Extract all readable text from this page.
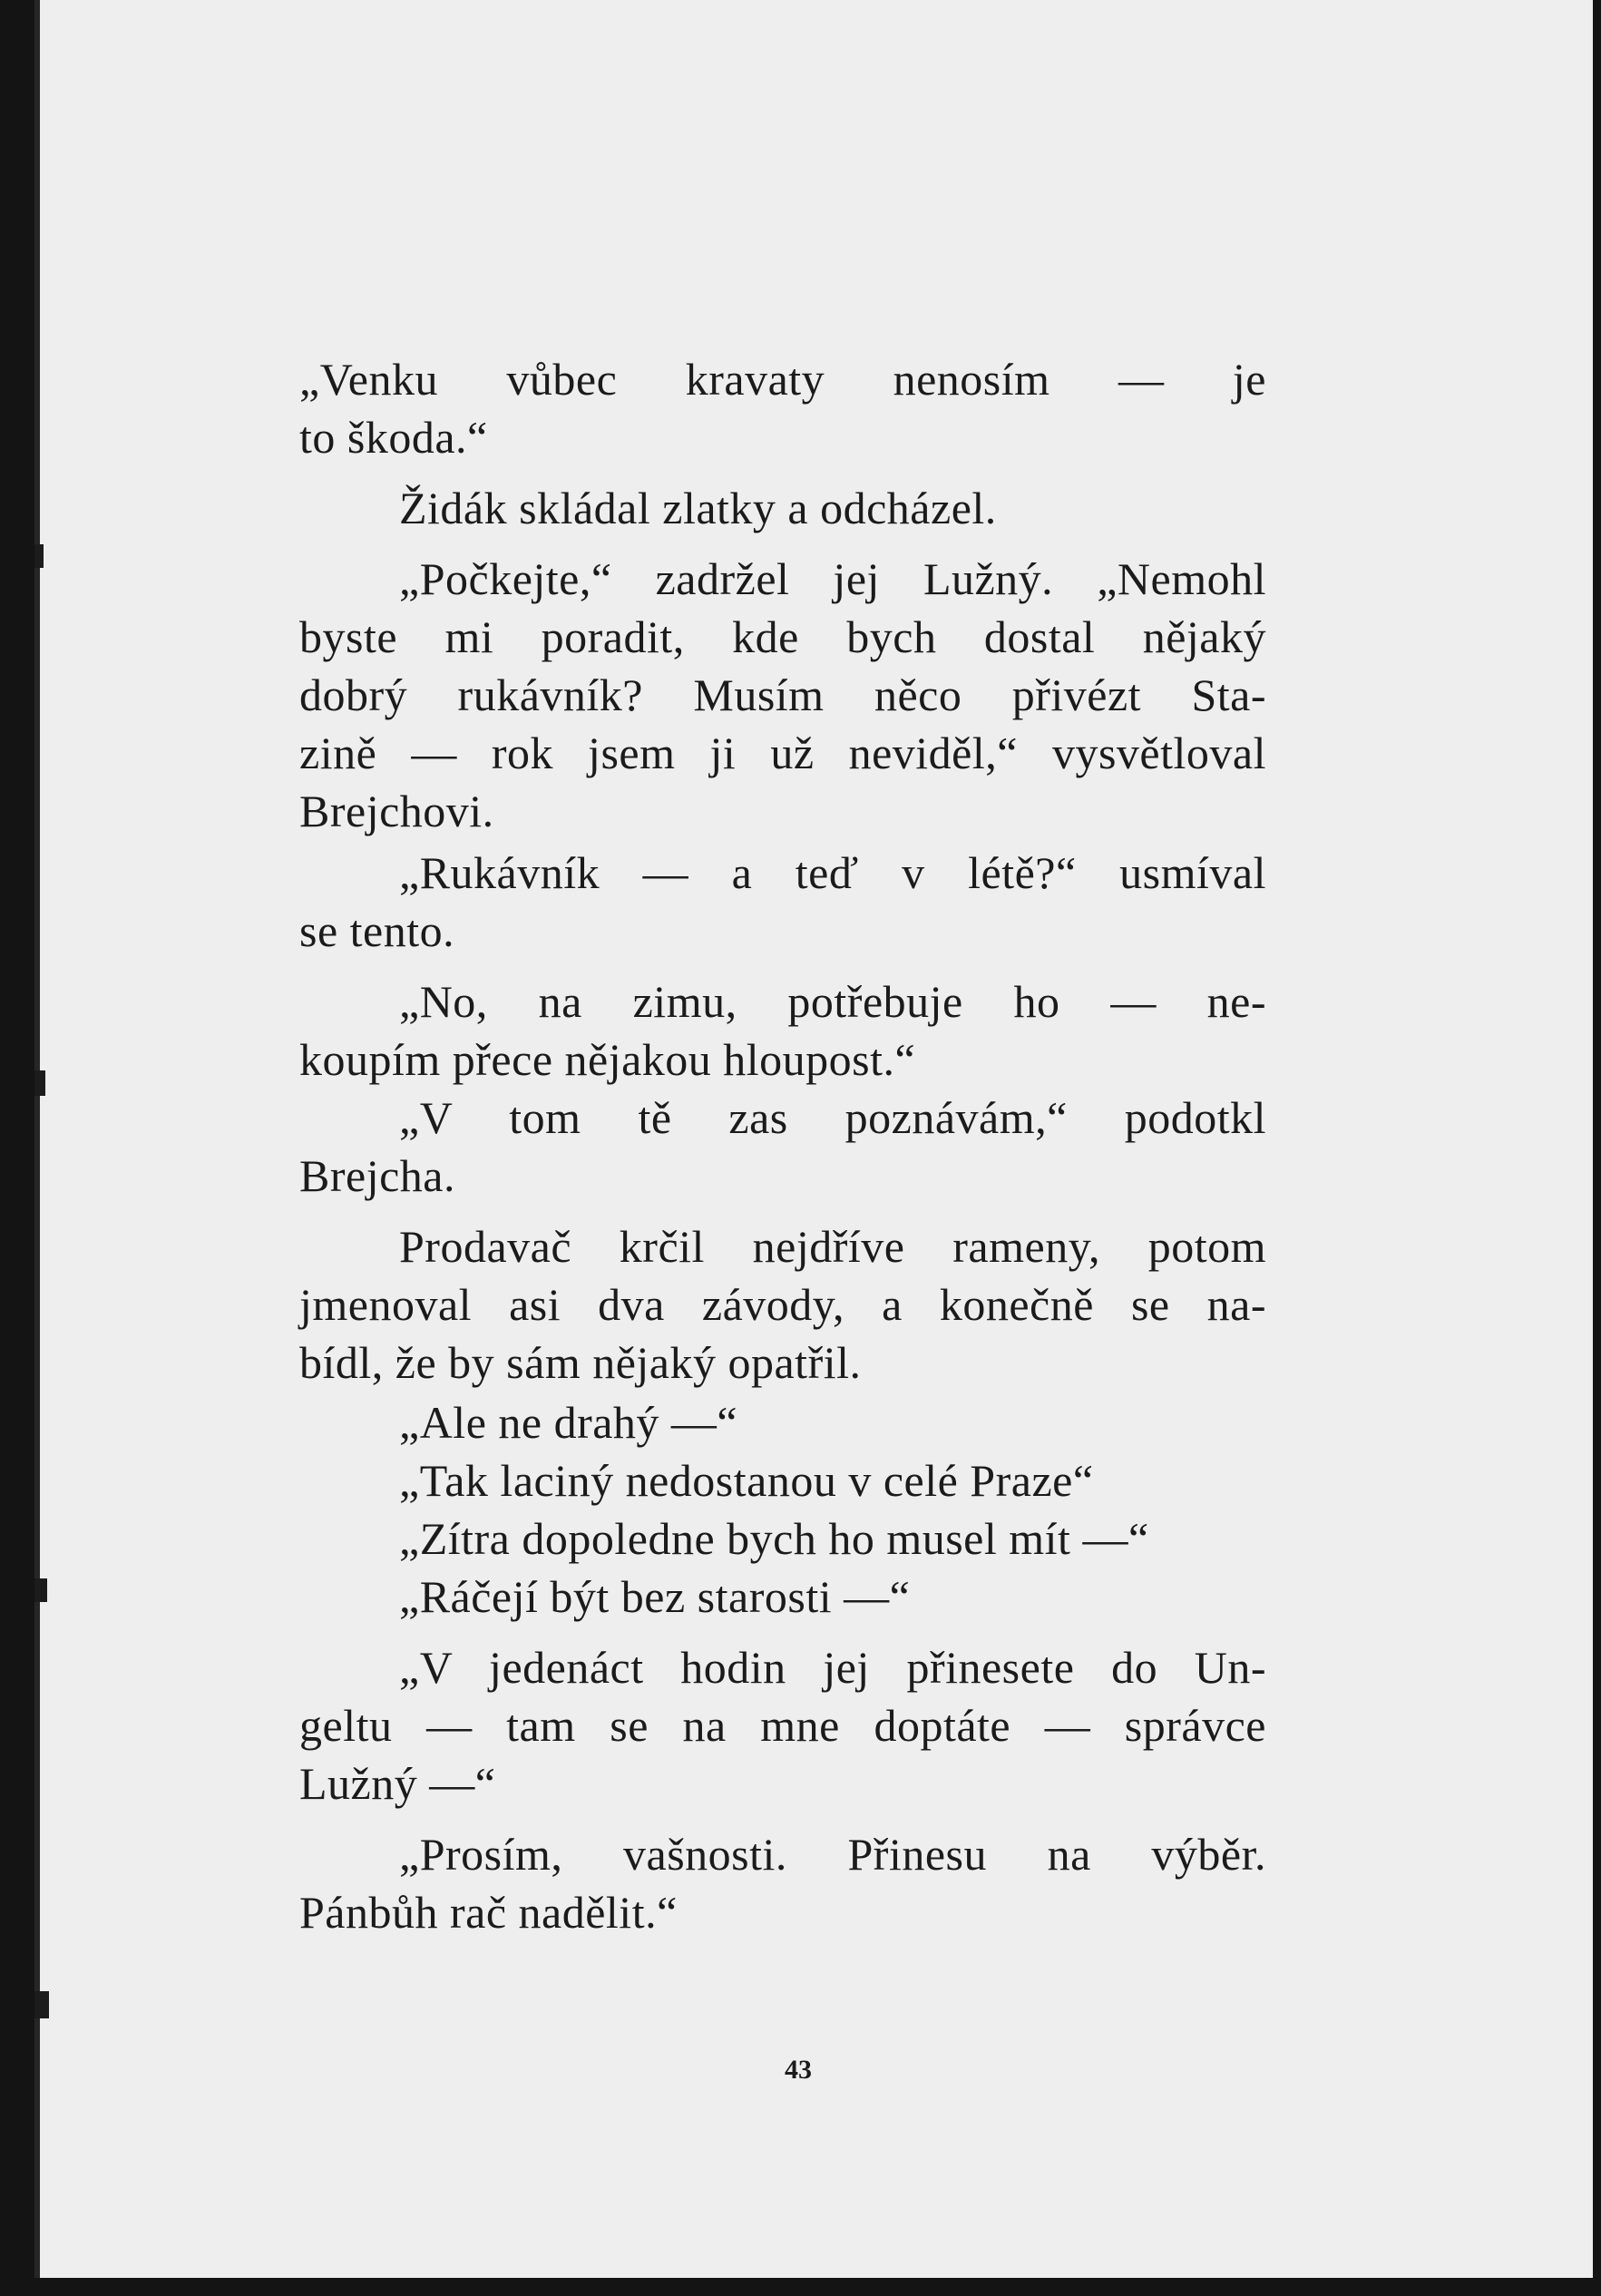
„Venku vůbec kravaty nenosím — je
to škoda.“
Židák skládal zlatky a odcházel.
„Počkejte,“ zadržel jej Lužný. „Nemohl
byste mi poradit, kde bych dostal nějaký
dobrý rukávník? Musím něco přivézt Sta-
zině — rok jsem ji už neviděl,“ vysvětloval
Brejchovi.
„Rukávník — a teď v létě?“ usmíval
se tento.
„No, na zimu, potřebuje ho — ne-
koupím přece nějakou hloupost.“
„V tom tě zas poznávám,“ podotkl
Brejcha.
Prodavač krčil nejdříve rameny, potom
jmenoval asi dva závody, a konečně se na-
bídl, že by sám nějaký opatřil.
„Ale ne drahý —“
„Tak laciný nedostanou v celé Praze“
„Zítra dopoledne bych ho musel mít —“
„Ráčejí být bez starosti —“
„V jedenáct hodin jej přinesete do Un-
geltu — tam se na mne doptáte — správce
Lužný —“
„Prosím, vašnosti. Přinesu na výběr.
Pánbůh rač nadělit.“
43
